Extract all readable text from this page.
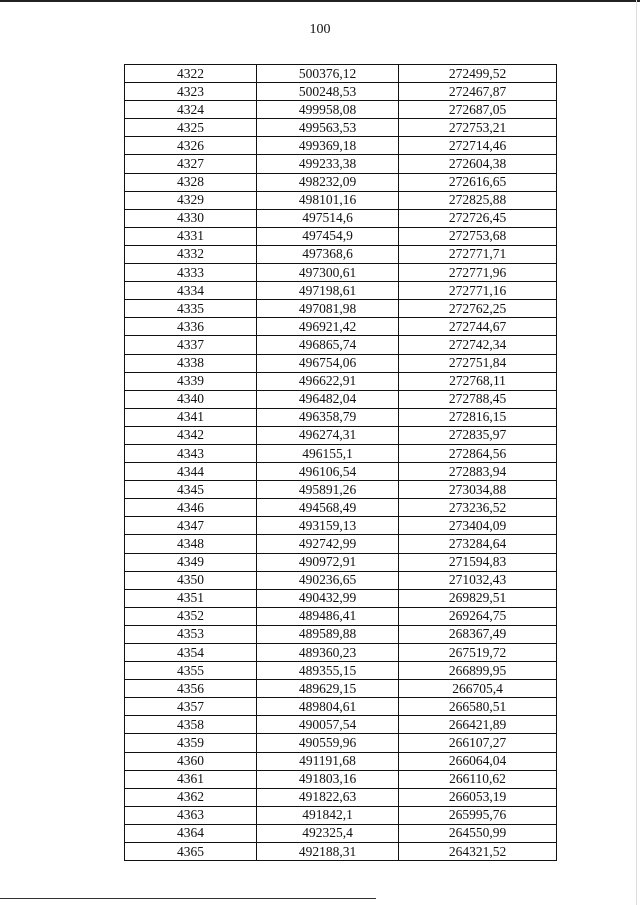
100
4322	500376,12	272499,52
4323	500248,53	272467,87
4324	499958,08	272687,05
4325	499563,53	272753,21
4326	499369,18	272714,46
4327	499233,38	272604,38
4328	498232,09	272616,65
4329	498101,16	272825,88
4330	497514,6	272726,45
4331	497454,9	272753,68
4332	497368,6	272771,71
4333	497300,61	272771,96
4334	497198,61	272771,16
4335	497081,98	272762,25
4336	496921,42	272744,67
4337	496865,74	272742,34
4338	496754,06	272751,84
4339	496622,91	272768,11
4340	496482,04	272788,45
4341	496358,79	272816,15
4342	496274,31	272835,97
4343	496155,1	272864,56
4344	496106,54	272883,94
4345	495891,26	273034,88
4346	494568,49	273236,52
4347	493159,13	273404,09
4348	492742,99	273284,64
4349	490972,91	271594,83
4350	490236,65	271032,43
4351	490432,99	269829,51
4352	489486,41	269264,75
4353	489589,88	268367,49
4354	489360,23	267519,72
4355	489355,15	266899,95
4356	489629,15	266705,4
4357	489804,61	266580,51
4358	490057,54	266421,89
4359	490559,96	266107,27
4360	491191,68	266064,04
4361	491803,16	266110,62
4362	491822,63	266053,19
4363	491842,1	265995,76
4364	492325,4	264550,99
4365	492188,31	264321,52
